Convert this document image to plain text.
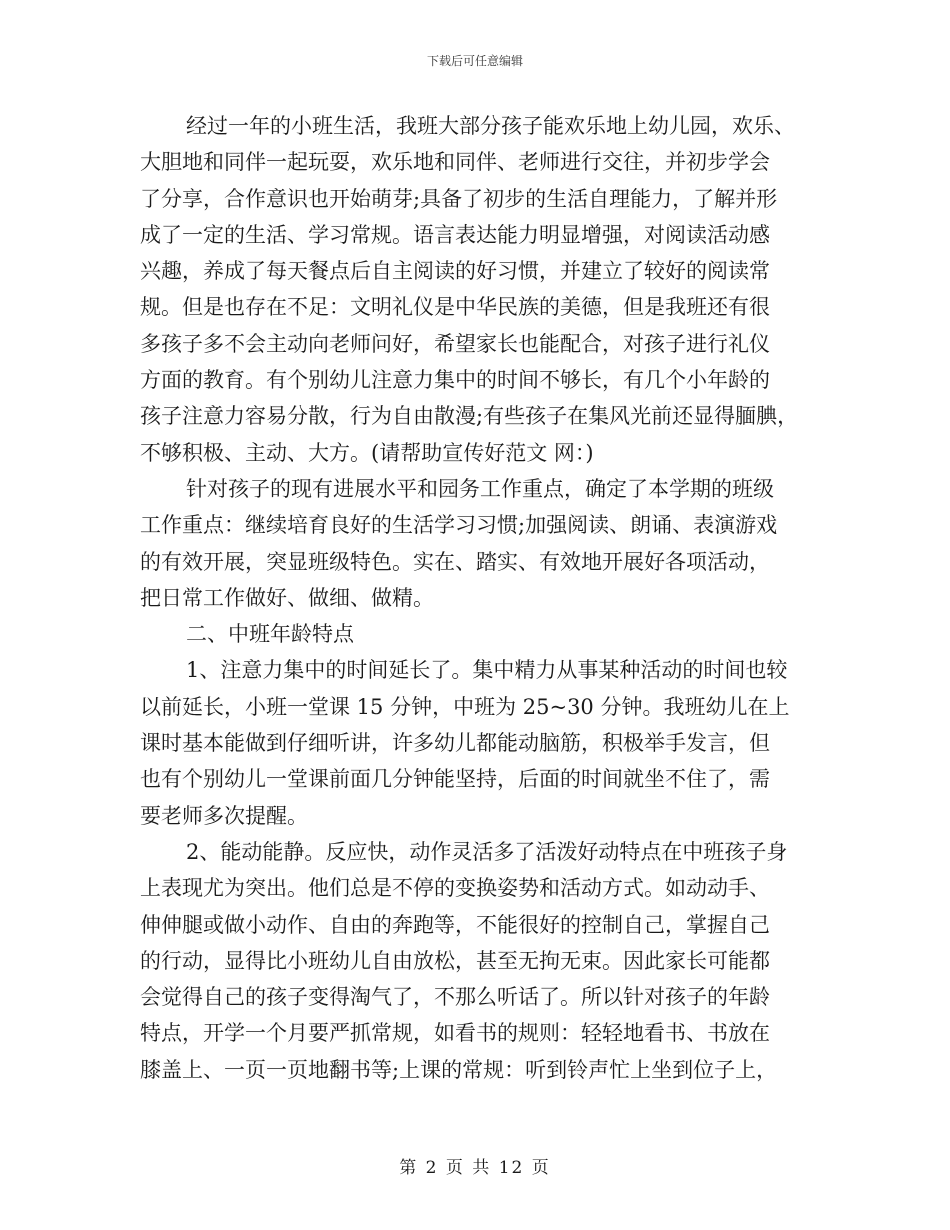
下载后可任意编辑
经过一年的小班生活，我班大部分孩子能欢乐地上幼儿园，欢乐、
大胆地和同伴一起玩耍，欢乐地和同伴、老师进行交往，并初步学会
了分享，合作意识也开始萌芽;具备了初步的生活自理能力，了解并形
成了一定的生活、学习常规。语言表达能力明显增强，对阅读活动感
兴趣，养成了每天餐点后自主阅读的好习惯，并建立了较好的阅读常
规。但是也存在不足：文明礼仪是中华民族的美德，但是我班还有很
多孩子多不会主动向老师问好，希望家长也能配合，对孩子进行礼仪
方面的教育。有个别幼儿注意力集中的时间不够长，有几个小年龄的
孩子注意力容易分散，行为自由散漫;有些孩子在集风光前还显得腼腆，
不够积极、主动、大方。(请帮助宣传好范文 网：)
针对孩子的现有进展水平和园务工作重点，确定了本学期的班级
工作重点：继续培育良好的生活学习习惯;加强阅读、朗诵、表演游戏
的有效开展，突显班级特色。实在、踏实、有效地开展好各项活动，
把日常工作做好、做细、做精。
二、中班年龄特点
1、注意力集中的时间延长了。集中精力从事某种活动的时间也较
以前延长，小班一堂课 15 分钟，中班为 25~30 分钟。我班幼儿在上
课时基本能做到仔细听讲，许多幼儿都能动脑筋，积极举手发言，但
也有个别幼儿一堂课前面几分钟能坚持，后面的时间就坐不住了，需
要老师多次提醒。
2、能动能静。反应快，动作灵活多了活泼好动特点在中班孩子身
上表现尤为突出。他们总是不停的变换姿势和活动方式。如动动手、
伸伸腿或做小动作、自由的奔跑等，不能很好的控制自己，掌握自己
的行动，显得比小班幼儿自由放松，甚至无拘无束。因此家长可能都
会觉得自己的孩子变得淘气了，不那么听话了。所以针对孩子的年龄
特点，开学一个月要严抓常规，如看书的规则：轻轻地看书、书放在
膝盖上、一页一页地翻书等;上课的常规：听到铃声忙上坐到位子上，
第 2 页 共 12 页
